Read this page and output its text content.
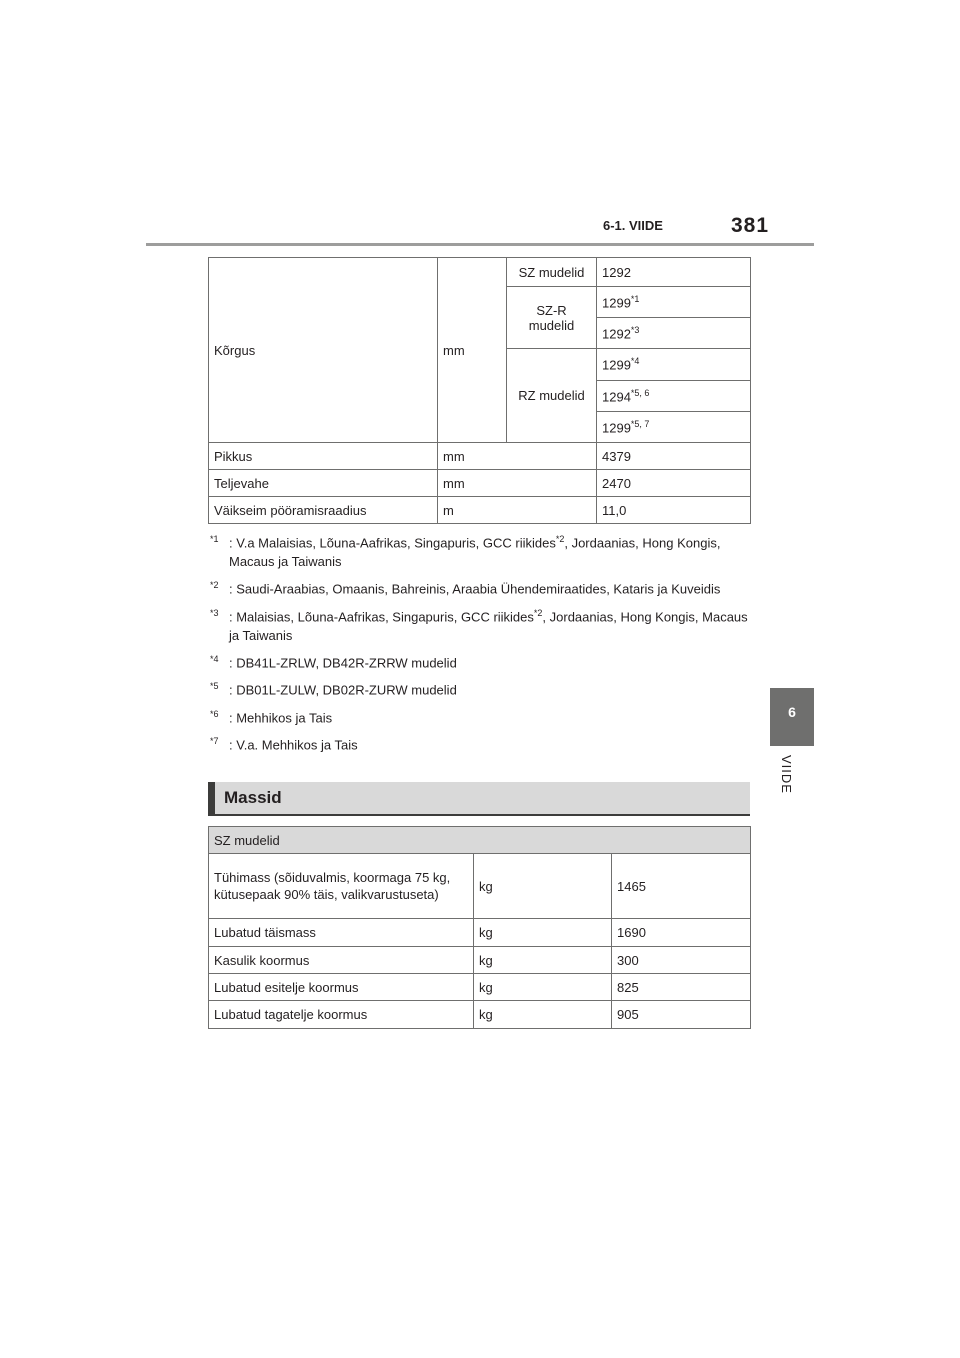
6-1. VIIDE	381
6
VIIDE
Kõrgus	mm	SZ mudelid	1292
		SZ-R mudelid	1299$^{*1}$
			1292$^{*3}$
		RZ mudelid	1299$^{*4}$
			1294$^{*5, 6}$
			1299$^{*5, 7}$

Pikkus	mm		4379
Teljevahe	mm		2470
Väikseim pööramisraadius	m		11,0
*1 : V.a Malaisias, Lõuna-Aafrikas, Singapuris, GCC riikides$^{*2}$, Jordaanias, Hong Kongis, Macaus ja Taiwanis
*2 : Saudi-Araabias, Omaanis, Bahreinis, Araabia Ühendemiraatides, Kataris ja Kuveidis
*3 : Malaisias, Lõuna-Aafrikas, Singapuris, GCC riikides$^{*2}$, Jordaanias, Hong Kongis, Macaus ja Taiwanis
*4 : DB41L-ZRLW, DB42R-ZRRW mudelid
*5 : DB01L-ZULW, DB02R-ZURW mudelid
*6 : Mehhikos ja Tais
*7 : V.a. Mehhikos ja Tais
Massid
SZ mudelid		
Tühimass (sõiduvalmis, koormaga 75 kg, kütusepaak 90% täis, valikvarustuseta)	kg	1465
Lubatud täismass	kg	1690
Kasulik koormus	kg	300
Lubatud esitelje koormus	kg	825
Lubatud tagatelje koormus	kg	905
